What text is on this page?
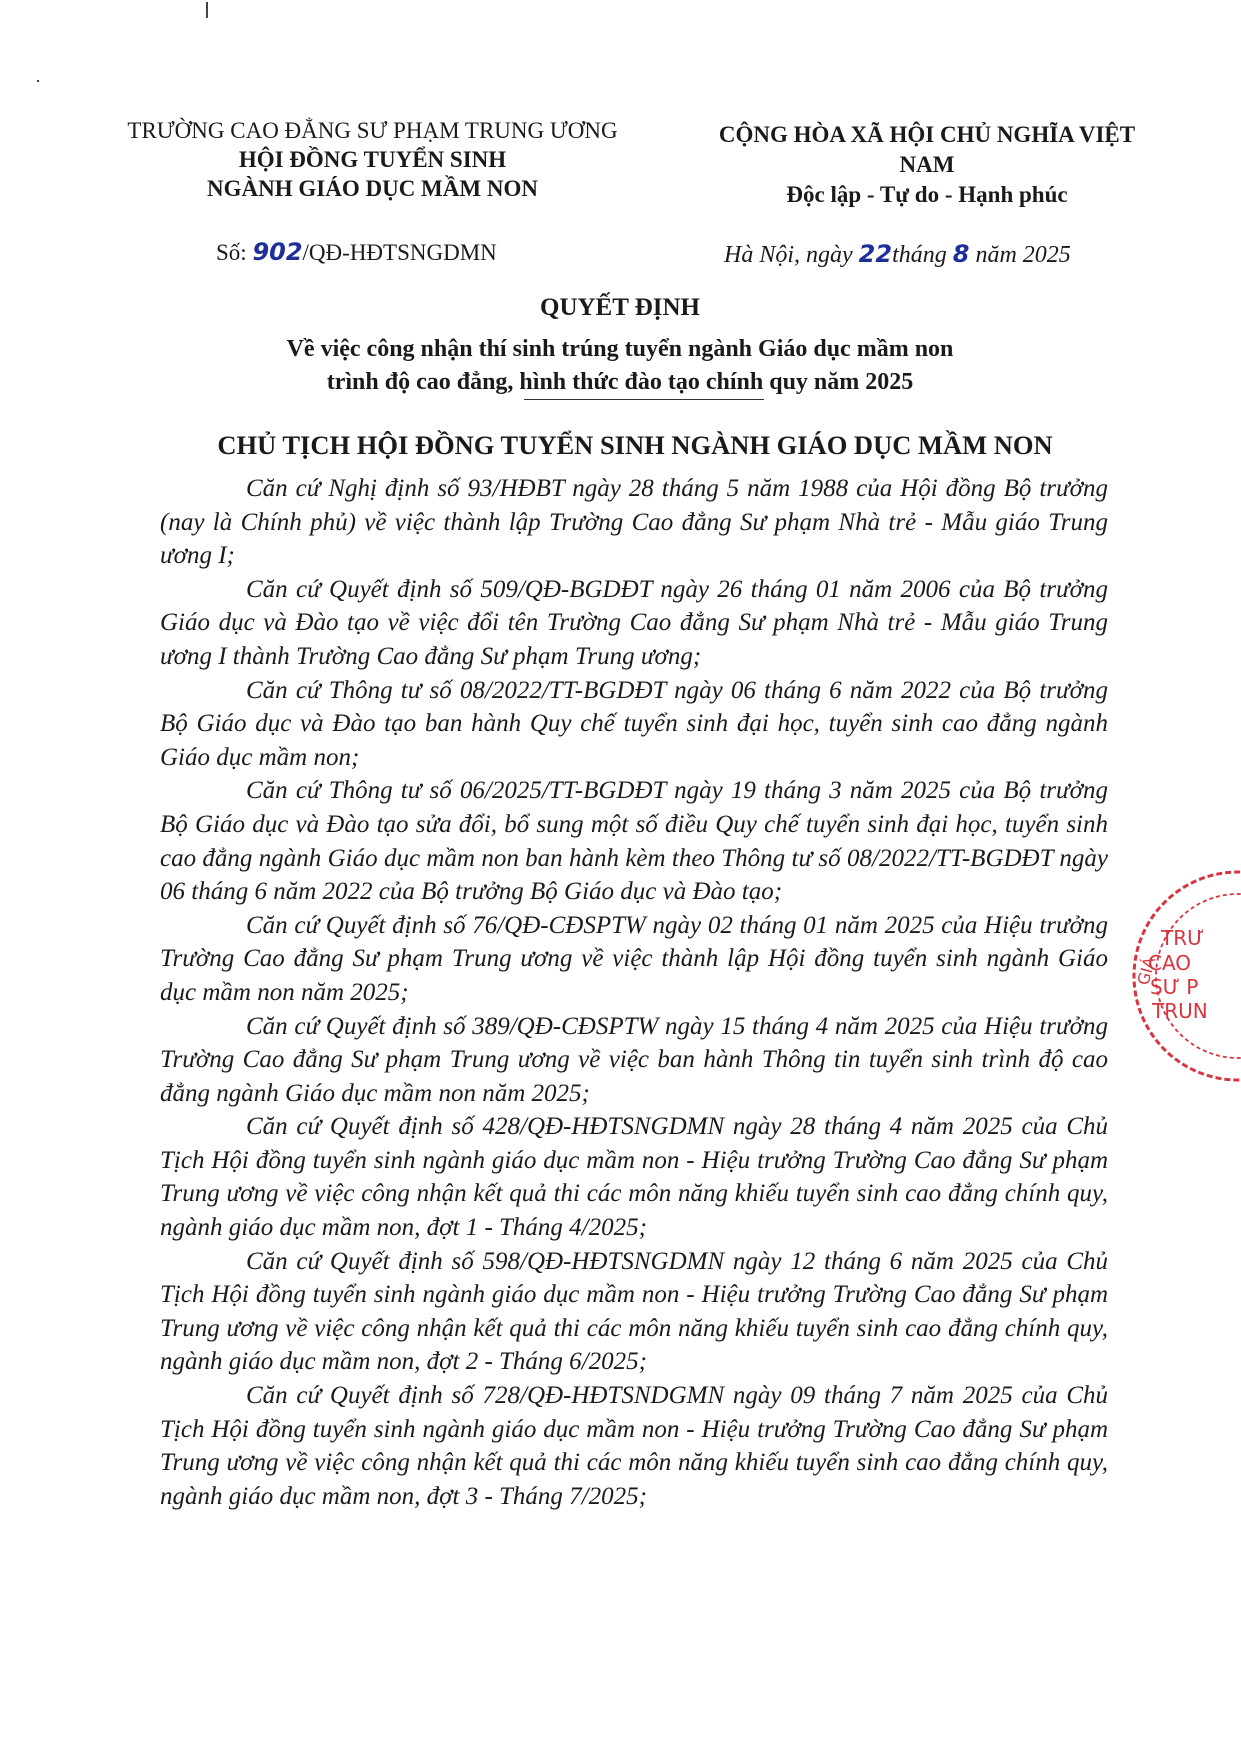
TRƯỜNG CAO ĐẲNG SƯ PHẠM TRUNG ƯƠNG
HỘI ĐỒNG TUYỂN SINH
NGÀNH GIÁO DỤC MẦM NON
CỘNG HÒA XÃ HỘI CHỦ NGHĨA VIỆT NAM
Độc lập - Tự do - Hạnh phúc
Số: 902/QĐ-HĐTSNGDMN	Hà Nội, ngày 22tháng 8 năm 2025
QUYẾT ĐỊNH
Về việc công nhận thí sinh trúng tuyển ngành Giáo dục mầm non
trình độ cao đẳng, hình thức đào tạo chính quy năm 2025
CHỦ TỊCH HỘI ĐỒNG TUYỂN SINH NGÀNH GIÁO DỤC MẦM NON

Căn cứ Nghị định số 93/HĐBT ngày 28 tháng 5 năm 1988 của Hội đồng Bộ trưởng (nay là Chính phủ) về việc thành lập Trường Cao đẳng Sư phạm Nhà trẻ - Mẫu giáo Trung ương I;

Căn cứ Quyết định số 509/QĐ-BGDĐT ngày 26 tháng 01 năm 2006 của Bộ trưởng Giáo dục và Đào tạo về việc đổi tên Trường Cao đẳng Sư phạm Nhà trẻ - Mẫu giáo Trung ương I thành Trường Cao đẳng Sư phạm Trung ương;

Căn cứ Thông tư số 08/2022/TT-BGDĐT ngày 06 tháng 6 năm 2022 của Bộ trưởng Bộ Giáo dục và Đào tạo ban hành Quy chế tuyển sinh đại học, tuyển sinh cao đẳng ngành Giáo dục mầm non;

Căn cứ Thông tư số 06/2025/TT-BGDĐT ngày 19 tháng 3 năm 2025 của Bộ trưởng Bộ Giáo dục và Đào tạo sửa đổi, bổ sung một số điều Quy chế tuyển sinh đại học, tuyển sinh cao đẳng ngành Giáo dục mầm non ban hành kèm theo Thông tư số 08/2022/TT-BGDĐT ngày 06 tháng 6 năm 2022 của Bộ trưởng Bộ Giáo dục và Đào tạo;

Căn cứ Quyết định số 76/QĐ-CĐSPTW ngày 02 tháng 01 năm 2025 của Hiệu trưởng Trường Cao đẳng Sư phạm Trung ương về việc thành lập Hội đồng tuyển sinh ngành Giáo dục mầm non năm 2025;

Căn cứ Quyết định số 389/QĐ-CĐSPTW ngày 15 tháng 4 năm 2025 của Hiệu trưởng Trường Cao đẳng Sư phạm Trung ương về việc ban hành Thông tin tuyển sinh trình độ cao đẳng ngành Giáo dục mầm non năm 2025;

Căn cứ Quyết định số 428/QĐ-HĐTSNGDMN ngày 28 tháng 4 năm 2025 của Chủ Tịch Hội đồng tuyển sinh ngành giáo dục mầm non - Hiệu trưởng Trường Cao đẳng Sư phạm Trung ương về việc công nhận kết quả thi các môn năng khiếu tuyển sinh cao đẳng chính quy, ngành giáo dục mầm non, đợt 1 - Tháng 4/2025;

Căn cứ Quyết định số 598/QĐ-HĐTSNGDMN ngày 12 tháng 6 năm 2025 của Chủ Tịch Hội đồng tuyển sinh ngành giáo dục mầm non - Hiệu trưởng Trường Cao đẳng Sư phạm Trung ương về việc công nhận kết quả thi các môn năng khiếu tuyển sinh cao đẳng chính quy, ngành giáo dục mầm non, đợt 2 - Tháng 6/2025;

Căn cứ Quyết định số 728/QĐ-HĐTSNDGMN ngày 09 tháng 7 năm 2025 của Chủ Tịch Hội đồng tuyển sinh ngành giáo dục mầm non - Hiệu trưởng Trường Cao đẳng Sư phạm Trung ương về việc công nhận kết quả thi các môn năng khiếu tuyển sinh cao đẳng chính quy, ngành giáo dục mầm non, đợt 3 - Tháng 7/2025;

GIÁ
TRƯ
CAO
SƯ P
TRUN
